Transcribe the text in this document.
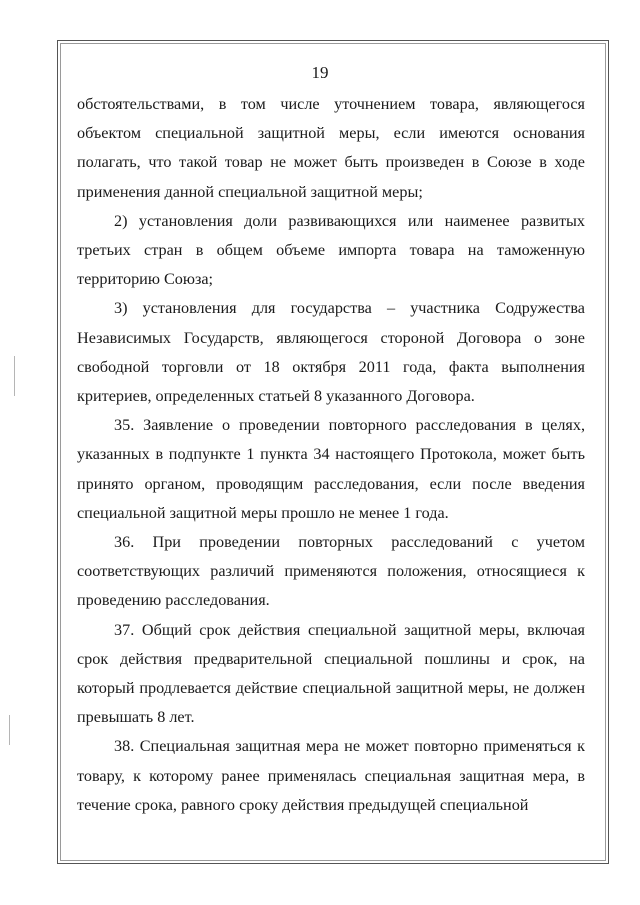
19

обстоятельствами, в том числе уточнением товара, являющегося объектом специальной защитной меры, если имеются основания полагать, что такой товар не может быть произведен в Союзе в ходе применения данной специальной защитной меры;

2) установления доли развивающихся или наименее развитых третьих стран в общем объеме импорта товара на таможенную территорию Союза;

3) установления для государства – участника Содружества Независимых Государств, являющегося стороной Договора о зоне свободной торговли от 18 октября 2011 года, факта выполнения критериев, определенных статьей 8 указанного Договора.

35. Заявление о проведении повторного расследования в целях, указанных в подпункте 1 пункта 34 настоящего Протокола, может быть принято органом, проводящим расследования, если после введения специальной защитной меры прошло не менее 1 года.

36. При проведении повторных расследований с учетом соответствующих различий применяются положения, относящиеся к проведению расследования.

37. Общий срок действия специальной защитной меры, включая срок действия предварительной специальной пошлины и срок, на который продлевается действие специальной защитной меры, не должен превышать 8 лет.

38. Специальная защитная мера не может повторно применяться к товару, к которому ранее применялась специальная защитная мера, в течение срока, равного сроку действия предыдущей специальной
